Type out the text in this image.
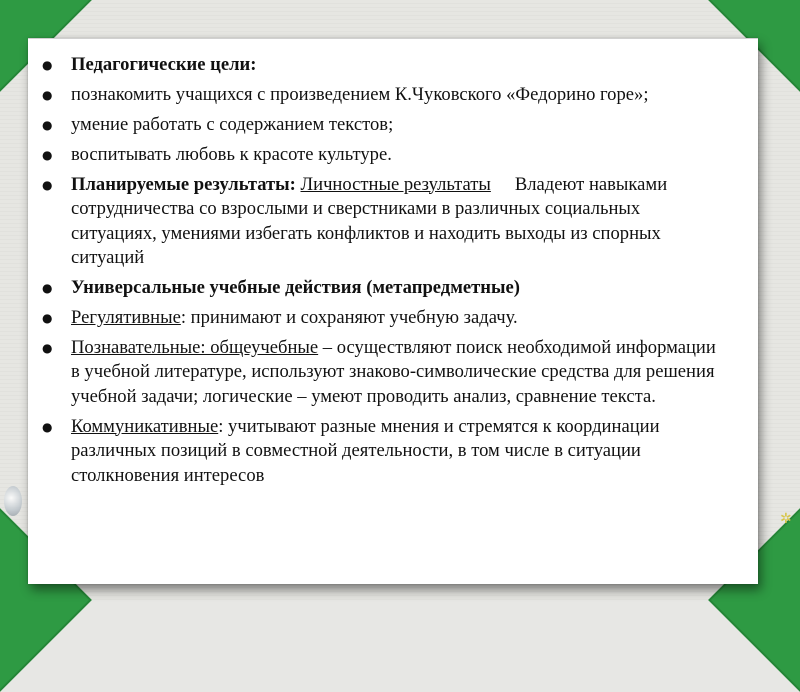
✲
● Педагогические цели:
● познакомить учащихся с произведением К.Чуковского «Федорино горе»;
● умение работать с содержанием текстов;
● воспитывать любовь к красоте культуре.
● Планируемые результаты: Личностные результаты Владеют навыками сотрудничества со взрослыми и сверстниками в различных социальных ситуациях, умениями избегать конфликтов и находить выходы из спорных ситуаций
● Универсальные учебные действия (метапредметные)
● Регулятивные: принимают и сохраняют учебную задачу.
● Познавательные: общеучебные – осуществляют поиск необходимой информации в учебной литературе, используют знаково-символические средства для решения учебной задачи; логические – умеют проводить анализ, сравнение текста.
● Коммуникативные: учитывают разные мнения и стремятся к координации различных позиций в совместной деятельности, в том числе в ситуации столкновения интересов
